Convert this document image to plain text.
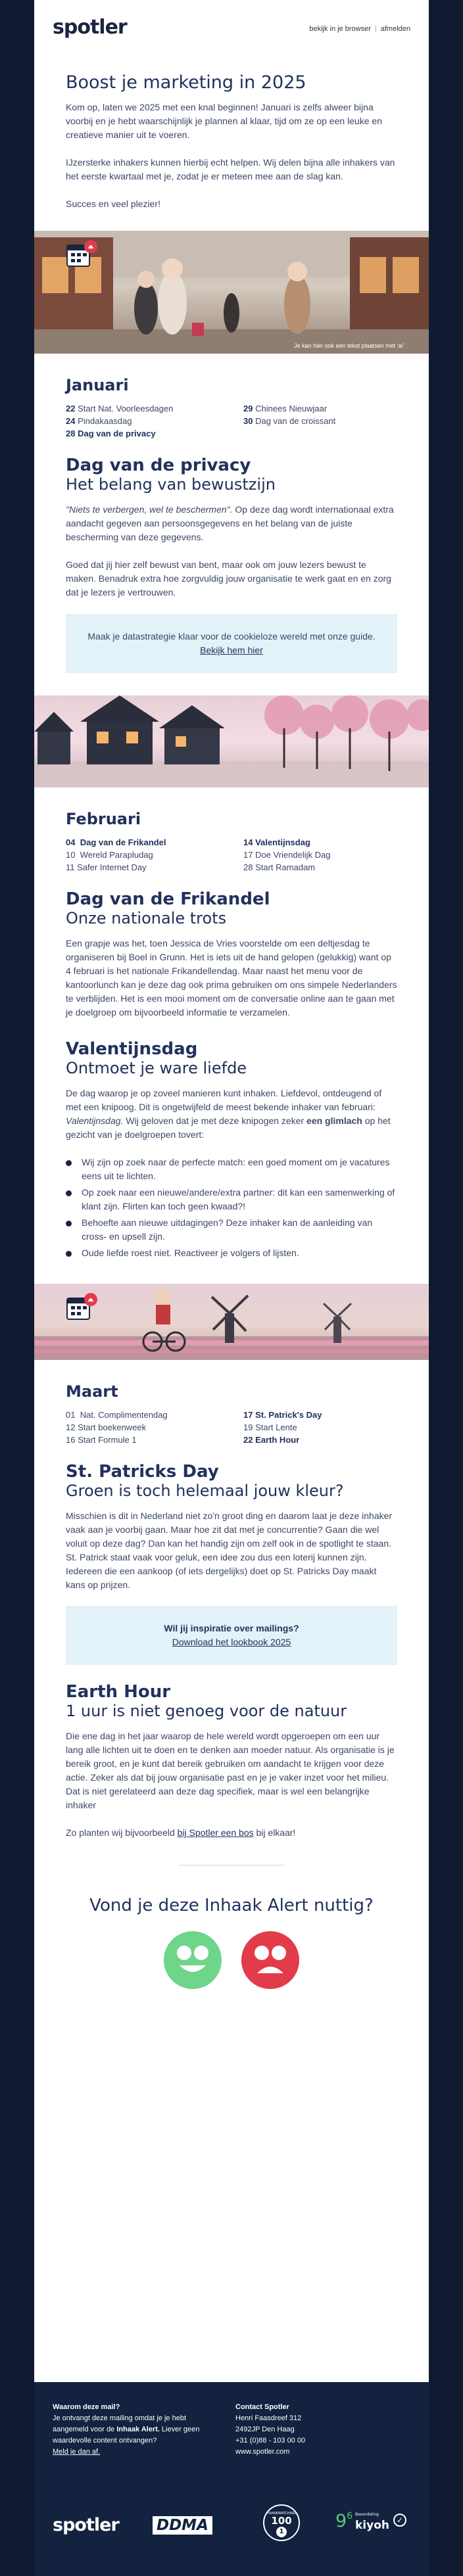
spotler	bekijk in je browser | afmelden
Boost je marketing in 2025

Kom op, laten we 2025 met een knal beginnen! Januari is zelfs alweer bijna voorbij en je hebt waarschijnlijk je plannen al klaar, tijd om ze op een leuke en creatieve manier uit te voeren.

IJzersterke inhakers kunnen hierbij echt helpen. Wij delen bijna alle inhakers van het eerste kwartaal met je, zodat je er meteen mee aan de slag kan.

Succes en veel plezier!

Je kan hier ook een tekst plaatsen met 'ai'
Januari
22 Start Nat. Voorleesdagen	29 Chinees Nieuwjaar
24 Pindakaasdag	30 Dag van de croissant
28 Dag van de privacy
Dag van de privacy
Het belang van bewustzijn

"Niets te verbergen, wel te beschermen". Op deze dag wordt internationaal extra aandacht gegeven aan persoonsgegevens en het belang van de juiste bescherming van deze gegevens.

Goed dat jij hier zelf bewust van bent, maar ook om jouw lezers bewust te maken. Benadruk extra hoe zorgvuldig jouw organisatie te werk gaat en en zorg dat je lezers je vertrouwen.

Maak je datastrategie klaar voor de cookieloze wereld met onze guide. Bekijk hem hier
Februari
04 Dag van de Frikandel	14 Valentijnsdag
10 Wereld Parapludag	17 Doe Vriendelijk Dag
11 Safer Internet Day	28 Start Ramadam
Dag van de Frikandel
Onze nationale trots

Een grapje was het, toen Jessica de Vries voorstelde om een deltjesdag te organiseren bij Boel in Grunn. Het is iets uit de hand gelopen (gelukkig) want op 4 februari is het nationale Frikandellendag. Maar naast het menu voor de kantoorlunch kan je deze dag ook prima gebruiken om ons simpele Nederlanders te verblijden. Het is een mooi moment om de conversatie online aan te gaan met je doelgroep om bijvoorbeeld informatie te verzamelen.

Valentijnsdag
Ontmoet je ware liefde

De dag waarop je op zoveel manieren kunt inhaken. Liefdevol, ontdeugend of met een knipoog. Dit is ongetwijfeld de meest bekende inhaker van februari: Valentijnsdag. Wij geloven dat je met deze knipogen zeker een glimlach op het gezicht van je doelgroepen tovert:

Wij zijn op zoek naar de perfecte match: een goed moment om je vacatures eens uit te lichten.
Op zoek naar een nieuwe/andere/extra partner: dit kan een samenwerking of klant zijn. Flirten kan toch geen kwaad?!
Behoefte aan nieuwe uitdagingen? Deze inhaker kan de aanleiding van cross- en upsell zijn.
Oude liefde roest niet. Reactiveer je volgers of lijsten.
Maart
01 Nat. Complimentendag	17 St. Patrick's Day
12 Start boekenweek	19 Start Lente
16 Start Formule 1	22 Earth Hour
St. Patricks Day
Groen is toch helemaal jouw kleur?

Misschien is dit in Nederland niet zo'n groot ding en daarom laat je deze inhaker vaak aan je voorbij gaan. Maar hoe zit dat met je concurrentie? Gaan die wel voluit op deze dag? Dan kan het handig zijn om zelf ook in de spotlight te staan. St. Patrick staat vaak voor geluk, een idee zou dus een loterij kunnen zijn. Iedereen die een aankoop (of iets dergelijks) doet op St. Patricks Day maakt kans op prijzen.

Wil jij inspiratie over mailings?
Download het lookbook 2025
Earth Hour
1 uur is niet genoeg voor de natuur

Die ene dag in het jaar waarop de hele wereld wordt opgeroepen om een uur lang alle lichten uit te doen en te denken aan moeder natuur. Als organisatie is je bereik groot, en je kunt dat bereik gebruiken om aandacht te krijgen voor deze actie. Zeker als dat bij jouw organisatie past en je je vaker inzet voor het milieu. Dat is niet gerelateerd aan deze dag specifiek, maar is wel een belangrijke inhaker

Zo planten wij bijvoorbeeld bij Spotler een bos bij elkaar!

Vond je deze Inhaak Alert nuttig?
Waarom deze mail?
Je ontvangt deze mailing omdat je je hebt aangemeld voor de Inhaak Alert. Liever geen waardevolle content ontvangen?
Meld je dan af.
Contact Spotler
Henri Faasdreef 312
2492JP Den Haag
+31 (0)88 - 103 00 00
www.spotler.com
spotler DDMA
FRANKWATCHING
100
1
96 Beoordeling
kiyoh ✓
